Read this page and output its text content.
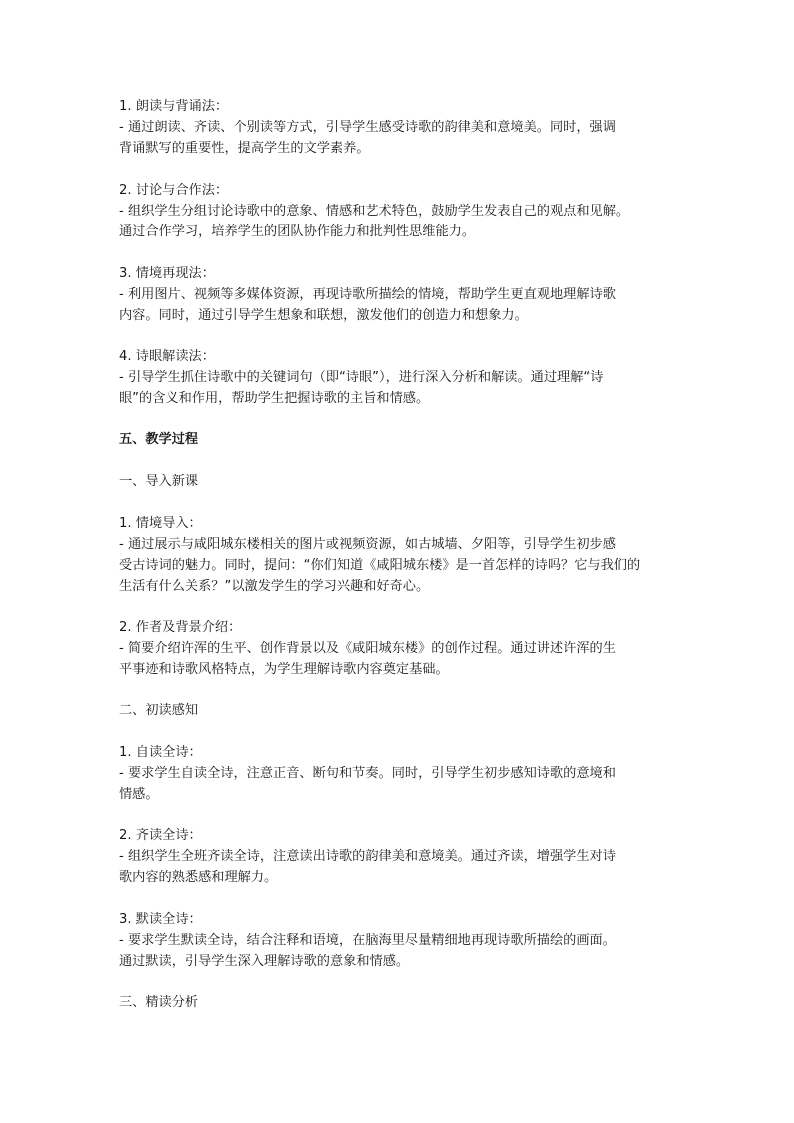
1. 朗读与背诵法：

- 通过朗读、齐读、个别读等方式，引导学生感受诗歌的韵律美和意境美。同时，强调

背诵默写的重要性，提高学生的文学素养。

2. 讨论与合作法：

- 组织学生分组讨论诗歌中的意象、情感和艺术特色，鼓励学生发表自己的观点和见解。

通过合作学习，培养学生的团队协作能力和批判性思维能力。

3. 情境再现法：

- 利用图片、视频等多媒体资源，再现诗歌所描绘的情境，帮助学生更直观地理解诗歌

内容。同时，通过引导学生想象和联想，激发他们的创造力和想象力。

4. 诗眼解读法：

- 引导学生抓住诗歌中的关键词句（即“诗眼”），进行深入分析和解读。通过理解“诗

眼”的含义和作用，帮助学生把握诗歌的主旨和情感。

五、教学过程

一、导入新课

1. 情境导入：

- 通过展示与咸阳城东楼相关的图片或视频资源，如古城墙、夕阳等，引导学生初步感

受古诗词的魅力。同时，提问：“你们知道《咸阳城东楼》是一首怎样的诗吗？它与我们的

生活有什么关系？”以激发学生的学习兴趣和好奇心。

2. 作者及背景介绍：

- 简要介绍许浑的生平、创作背景以及《咸阳城东楼》的创作过程。通过讲述许浑的生

平事迹和诗歌风格特点，为学生理解诗歌内容奠定基础。

二、初读感知

1. 自读全诗：

- 要求学生自读全诗，注意正音、断句和节奏。同时，引导学生初步感知诗歌的意境和

情感。

2. 齐读全诗：

- 组织学生全班齐读全诗，注意读出诗歌的韵律美和意境美。通过齐读，增强学生对诗

歌内容的熟悉感和理解力。

3. 默读全诗：

- 要求学生默读全诗，结合注释和语境，在脑海里尽量精细地再现诗歌所描绘的画面。

通过默读，引导学生深入理解诗歌的意象和情感。

三、精读分析
